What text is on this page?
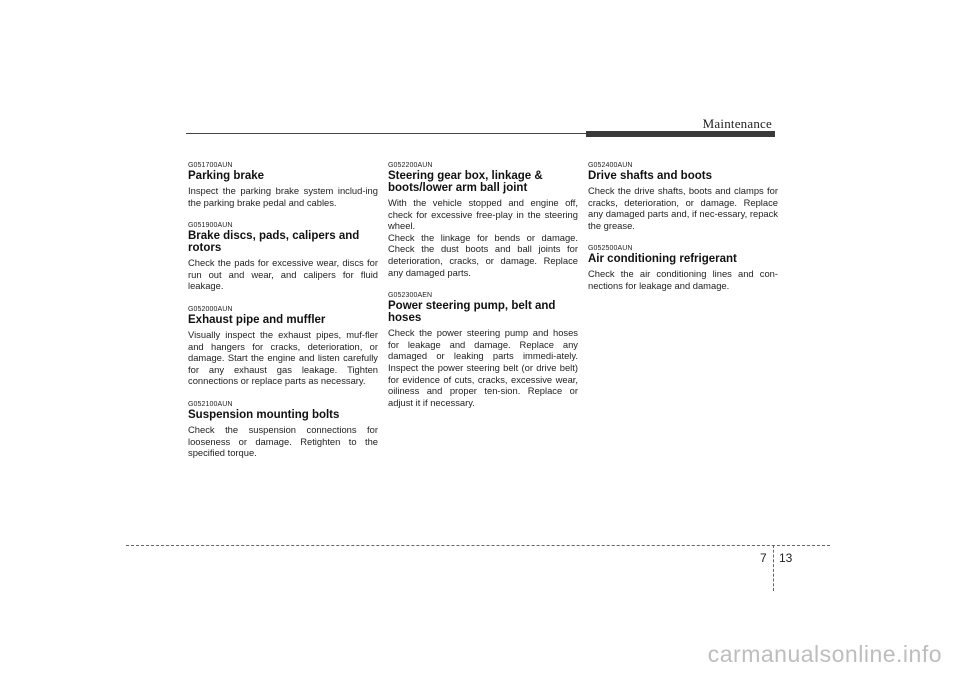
Maintenance
G051700AUN
Parking brake

Inspect the parking brake system includ-ing the parking brake pedal and cables.

G051900AUN
Brake discs, pads, calipers and rotors

Check the pads for excessive wear, discs for run out and wear, and calipers for fluid leakage.

G052000AUN
Exhaust pipe and muffler

Visually inspect the exhaust pipes, muf-fler and hangers for cracks, deterioration, or damage. Start the engine and listen carefully for any exhaust gas leakage. Tighten connections or replace parts as necessary.

G052100AUN
Suspension mounting bolts

Check the suspension connections for looseness or damage. Retighten to the specified torque.

G052200AUN
Steering gear box, linkage & boots/lower arm ball joint

With the vehicle stopped and engine off, check for excessive free-play in the steering wheel.

Check the linkage for bends or damage. Check the dust boots and ball joints for deterioration, cracks, or damage. Replace any damaged parts.

G052300AEN
Power steering pump, belt and hoses

Check the power steering pump and hoses for leakage and damage. Replace any damaged or leaking parts immedi-ately. Inspect the power steering belt (or drive belt) for evidence of cuts, cracks, excessive wear, oiliness and proper ten-sion. Replace or adjust it if necessary.

G052400AUN
Drive shafts and boots

Check the drive shafts, boots and clamps for cracks, deterioration, or damage. Replace any damaged parts and, if nec-essary, repack the grease.

G052500AUN
Air conditioning refrigerant

Check the air conditioning lines and con-nections for leakage and damage.

7 13
carmanualsonline.info
